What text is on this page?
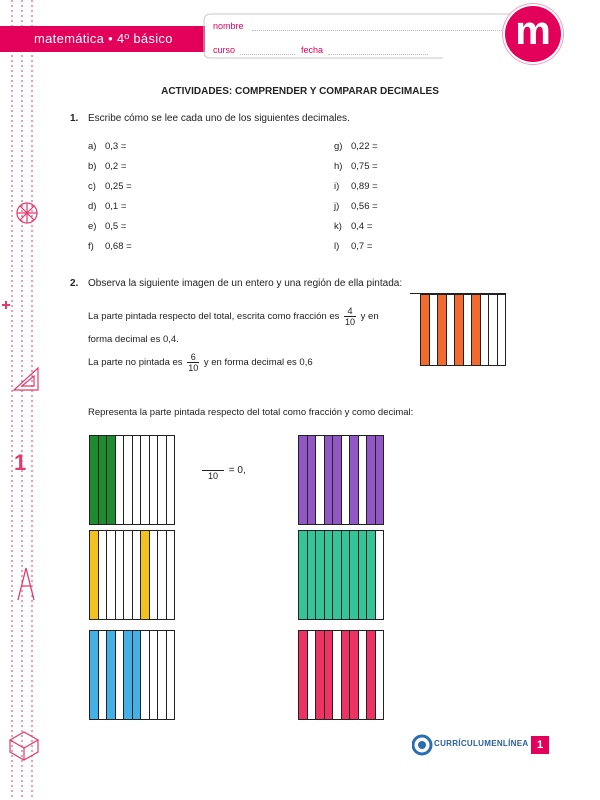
1
matemática • 4º básico
nombre
curso	fecha	m
ACTIVIDADES: COMPRENDER Y COMPARAR DECIMALES
1. Escribe cómo se lee cada uno de los siguientes decimales.
a) 0,3 =
b) 0,2 =
c) 0,25 =
d) 0,1 =
e) 0,5 =
f) 0,68 =
g) 0,22 =
h) 0,75 =
i) 0,89 =
j) 0,56 =
k) 0,4 =
l) 0,7 =
2. Observa la siguiente imagen de un entero y una región de ella pintada:
La parte pintada respecto del total, escrita como fracción es $\frac{4}{10}$ y en
forma decimal es 0,4.
La parte no pintada es $\frac{6}{10}$ y en forma decimal es 0,6
Representa la parte pintada respecto del total como fracción y como decimal:

10	= 0,
CURRÍCULUMENLÍNEA 1
